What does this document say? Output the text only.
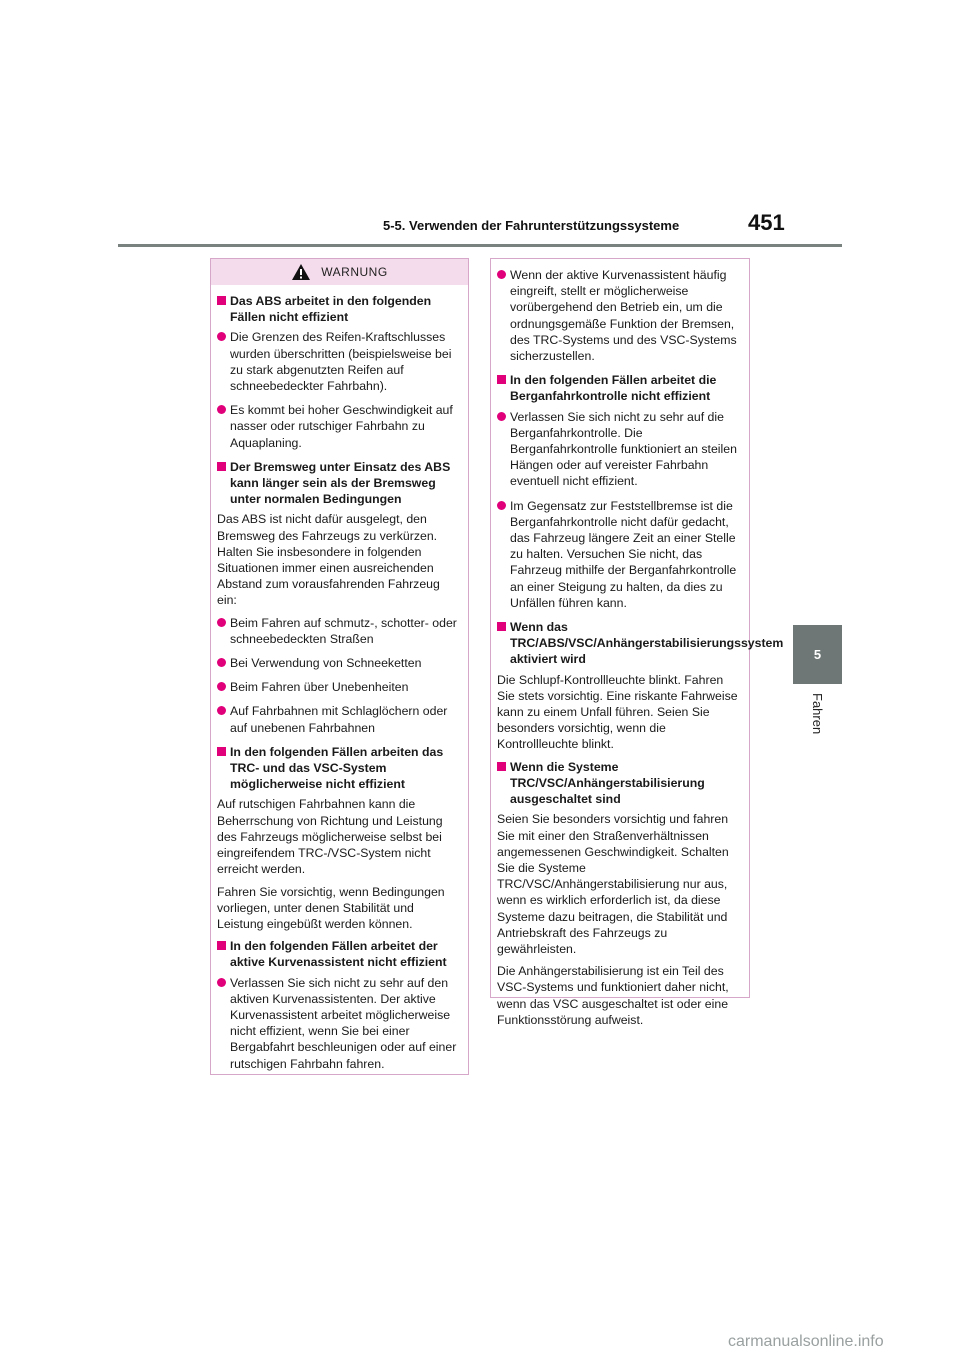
5-5. Verwenden der Fahrunterstützungssysteme	451
5
Fahren
WARNUNG
Das ABS arbeitet in den folgenden Fällen nicht effizient
Die Grenzen des Reifen-Kraftschlusses wurden überschritten (beispielsweise bei zu stark abgenutzten Reifen auf schneebedeckter Fahrbahn).
Es kommt bei hoher Geschwindigkeit auf nasser oder rutschiger Fahrbahn zu Aquaplaning.
Der Bremsweg unter Einsatz des ABS kann länger sein als der Bremsweg unter normalen Bedingungen
Das ABS ist nicht dafür ausgelegt, den Bremsweg des Fahrzeugs zu verkürzen. Halten Sie insbesondere in folgenden Situationen immer einen ausreichenden Abstand zum vorausfahrenden Fahrzeug ein:
Beim Fahren auf schmutz-, schotter- oder schneebedeckten Straßen
Bei Verwendung von Schneeketten
Beim Fahren über Unebenheiten
Auf Fahrbahnen mit Schlaglöchern oder auf unebenen Fahrbahnen
In den folgenden Fällen arbeiten das TRC- und das VSC-System möglicherweise nicht effizient
Auf rutschigen Fahrbahnen kann die Beherrschung von Richtung und Leistung des Fahrzeugs möglicherweise selbst bei eingreifendem TRC-/VSC-System nicht erreicht werden.
Fahren Sie vorsichtig, wenn Bedingungen vorliegen, unter denen Stabilität und Leistung eingebüßt werden können.
In den folgenden Fällen arbeitet der aktive Kurvenassistent nicht effizient
Verlassen Sie sich nicht zu sehr auf den aktiven Kurvenassistenten. Der aktive Kurvenassistent arbeitet möglicherweise nicht effizient, wenn Sie bei einer Bergabfahrt beschleunigen oder auf einer rutschigen Fahrbahn fahren.
Wenn der aktive Kurvenassistent häufig eingreift, stellt er möglicherweise vorübergehend den Betrieb ein, um die ordnungsgemäße Funktion der Bremsen, des TRC-Systems und des VSC-Systems sicherzustellen.
In den folgenden Fällen arbeitet die Berganfahrkontrolle nicht effizient
Verlassen Sie sich nicht zu sehr auf die Berganfahrkontrolle. Die Berganfahrkontrolle funktioniert an steilen Hängen oder auf vereister Fahrbahn eventuell nicht effizient.
Im Gegensatz zur Feststellbremse ist die Berganfahrkontrolle nicht dafür gedacht, das Fahrzeug längere Zeit an einer Stelle zu halten. Versuchen Sie nicht, das Fahrzeug mithilfe der Berganfahrkontrolle an einer Steigung zu halten, da dies zu Unfällen führen kann.
Wenn das TRC/ABS/VSC/Anhängerstabilisierungssystem aktiviert wird
Die Schlupf-Kontrollleuchte blinkt. Fahren Sie stets vorsichtig. Eine riskante Fahrweise kann zu einem Unfall führen. Seien Sie besonders vorsichtig, wenn die Kontrollleuchte blinkt.
Wenn die Systeme TRC/VSC/Anhängerstabilisierung ausgeschaltet sind
Seien Sie besonders vorsichtig und fahren Sie mit einer den Straßenverhältnissen angemessenen Geschwindigkeit. Schalten Sie die Systeme TRC/VSC/Anhängerstabilisierung nur aus, wenn es wirklich erforderlich ist, da diese Systeme dazu beitragen, die Stabilität und Antriebskraft des Fahrzeugs zu gewährleisten.
Die Anhängerstabilisierung ist ein Teil des VSC-Systems und funktioniert daher nicht, wenn das VSC ausgeschaltet ist oder eine Funktionsstörung aufweist.
carmanualsonline.info
